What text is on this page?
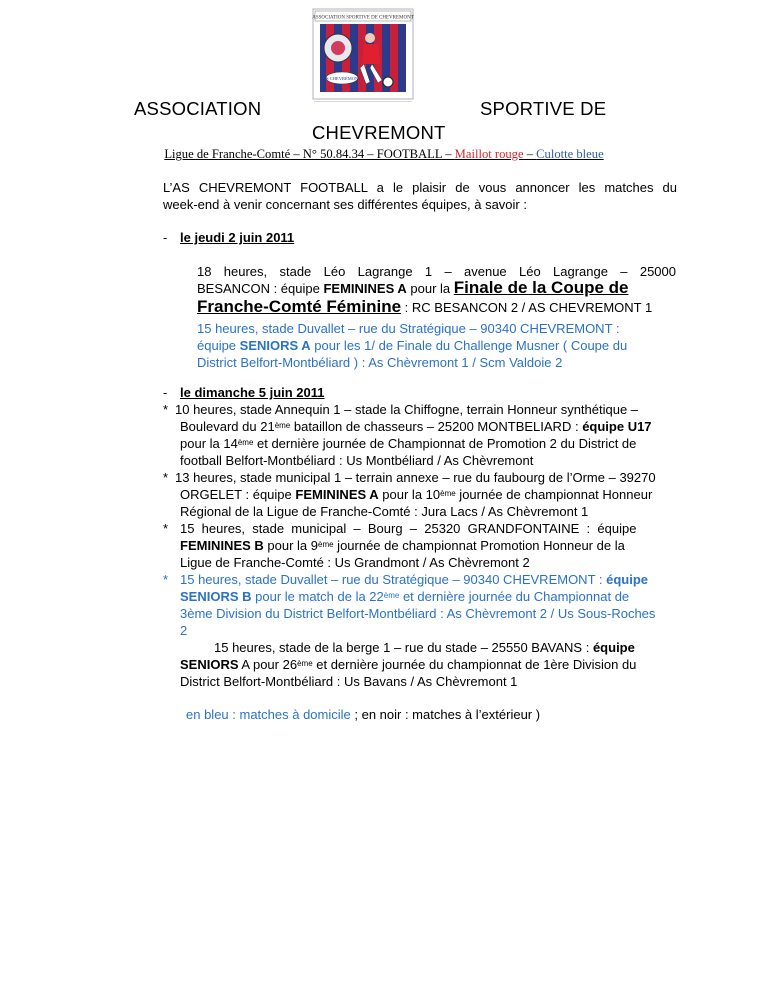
ASSOCIATION SPORTIVE DE CHEVREMONT
AS CHEVREMONT
ASSOCIATION	SPORTIVE DE
CHEVREMONT
Ligue de Franche-Comté – N° 50.84.34 – FOOTBALL – Maillot rouge – Culotte bleue
L’AS CHEVREMONT FOOTBALL a le plaisir de vous annoncer les matches du
week-end à venir concernant ses différentes équipes, à savoir :
- le jeudi 2 juin 2011
18 heures, stade Léo Lagrange 1 – avenue Léo Lagrange – 25000
BESANCON : équipe FEMININES A pour la Finale de la Coupe de
Franche-Comté Féminine : RC BESANCON 2 / AS CHEVREMONT 1
15 heures, stade Duvallet – rue du Stratégique – 90340 CHEVREMONT :
équipe SENIORS A pour les 1/ de Finale du Challenge Musner ( Coupe du
District Belfort-Montbéliard ) : As Chèvremont 1 / Scm Valdoie 2
- le dimanche 5 juin 2011
* 10 heures, stade Annequin 1 – stade la Chiffogne, terrain Honneur synthétique –
Boulevard du 21ème bataillon de chasseurs – 25200 MONTBELIARD : équipe U17
pour la 14ème et dernière journée de Championnat de Promotion 2 du District de
football Belfort-Montbéliard : Us Montbéliard / As Chèvremont
* 13 heures, stade municipal 1 – terrain annexe – rue du faubourg de l’Orme – 39270
ORGELET : équipe FEMININES A pour la 10ème journée de championnat Honneur
Régional de la Ligue de Franche-Comté : Jura Lacs / As Chèvremont 1
* 15  heures,  stade  municipal  –  Bourg  –  25320  GRANDFONTAINE  :  équipe
FEMININES B pour la 9ème journée de championnat Promotion Honneur de la
Ligue de Franche-Comté : Us Grandmont / As Chèvremont 2
* 15 heures, stade Duvallet – rue du Stratégique – 90340 CHEVREMONT : équipe
SENIORS B pour le match de la 22ème et dernière journée du Championnat de
3ème Division du District Belfort-Montbéliard : As Chèvremont 2 / Us Sous-Roches
2
15 heures, stade de la berge 1 – rue du stade – 25550 BAVANS : équipe
SENIORS A pour 26ème et dernière journée du championnat de 1ère Division du
District Belfort-Montbéliard : Us Bavans / As Chèvremont 1
en bleu : matches à domicile ; en noir : matches à l’extérieur )
